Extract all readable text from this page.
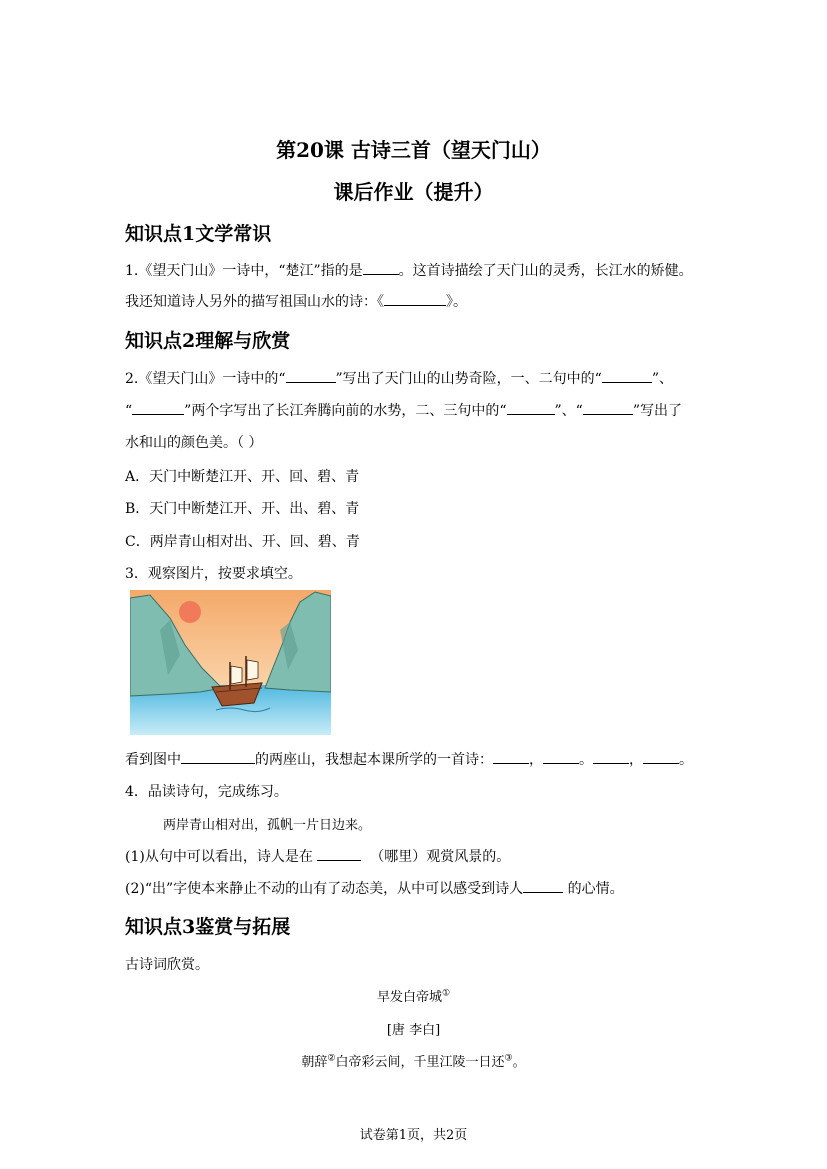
第20课 古诗三首（望天门山）
课后作业（提升）
知识点1文学常识
1.《望天门山》一诗中，“楚江”指的是	。这首诗描绘了天门山的灵秀，长江水的矫健。
我还知道诗人另外的描写祖国山水的诗：《	》。
知识点2理解与欣赏
2.《望天门山》一诗中的“	”写出了天门山的山势奇险，一、二句中的“	”、
“	”两个字写出了长江奔腾向前的水势，二、三句中的“	”、“	”写出了
水和山的颜色美。（ ）
A．天门中断楚江开、开、回、碧、青
B．天门中断楚江开、开、出、碧、青
C．两岸青山相对出、开、回、碧、青
3．观察图片，按要求填空。
看到图中	的两座山，我想起本课所学的一首诗：	，	。	，	。
4．品读诗句，完成练习。
两岸青山相对出，孤帆一片日边来。
(1)从句中可以看出，诗人是在	（哪里）观赏风景的。
(2)“出”字使本来静止不动的山有了动态美，从中可以感受到诗人	的心情。
知识点3鉴赏与拓展
古诗词欣赏。
早发白帝城①
[唐 李白]
朝辞②白帝彩云间，千里江陵一日还③。
试卷第1页，共2页
